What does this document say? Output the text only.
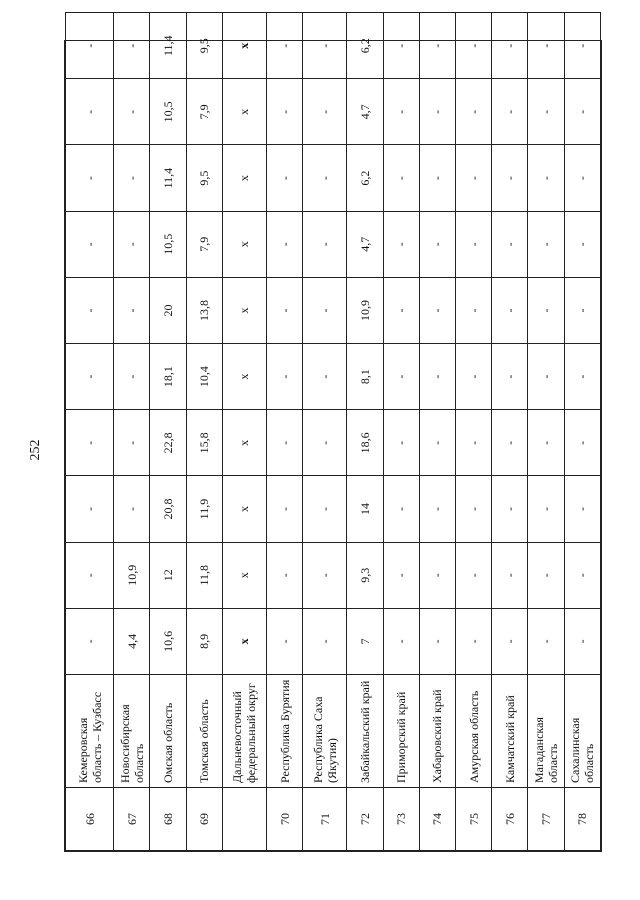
252
66	Кемеровская область – Кузбасс	-	-	-	-	-	-	-	-	-	-
67	Новосибирская область	4,4	10,9	-	-	-	-	-	-	-	-
68	Омская область	10,6	12	20,8	22,8	18,1	20	10,5	11,4	10,5	11,4
69	Томская область	8,9	11,8	11,9	15,8	10,4	13,8	7,9	9,5	7,9	9,5
	Дальневосточный федеральный округ	x	x	x	x	x	x	x	x	x	x
70	Республика Бурятия	-	-	-	-	-	-	-	-	-	-
71	Республика Саха (Якутия)	-	-	-	-	-	-	-	-	-	-
72	Забайкальский край	7	9,3	14	18,6	8,1	10,9	4,7	6,2	4,7	6,2
73	Приморский край	-	-	-	-	-	-	-	-	-	-
74	Хабаровский край	-	-	-	-	-	-	-	-	-	-
75	Амурская область	-	-	-	-	-	-	-	-	-	-
76	Камчатский край	-	-	-	-	-	-	-	-	-	-
77	Магаданская область	-	-	-	-	-	-	-	-	-	-
78	Сахалинская область	-	-	-	-	-	-	-	-	-	-
